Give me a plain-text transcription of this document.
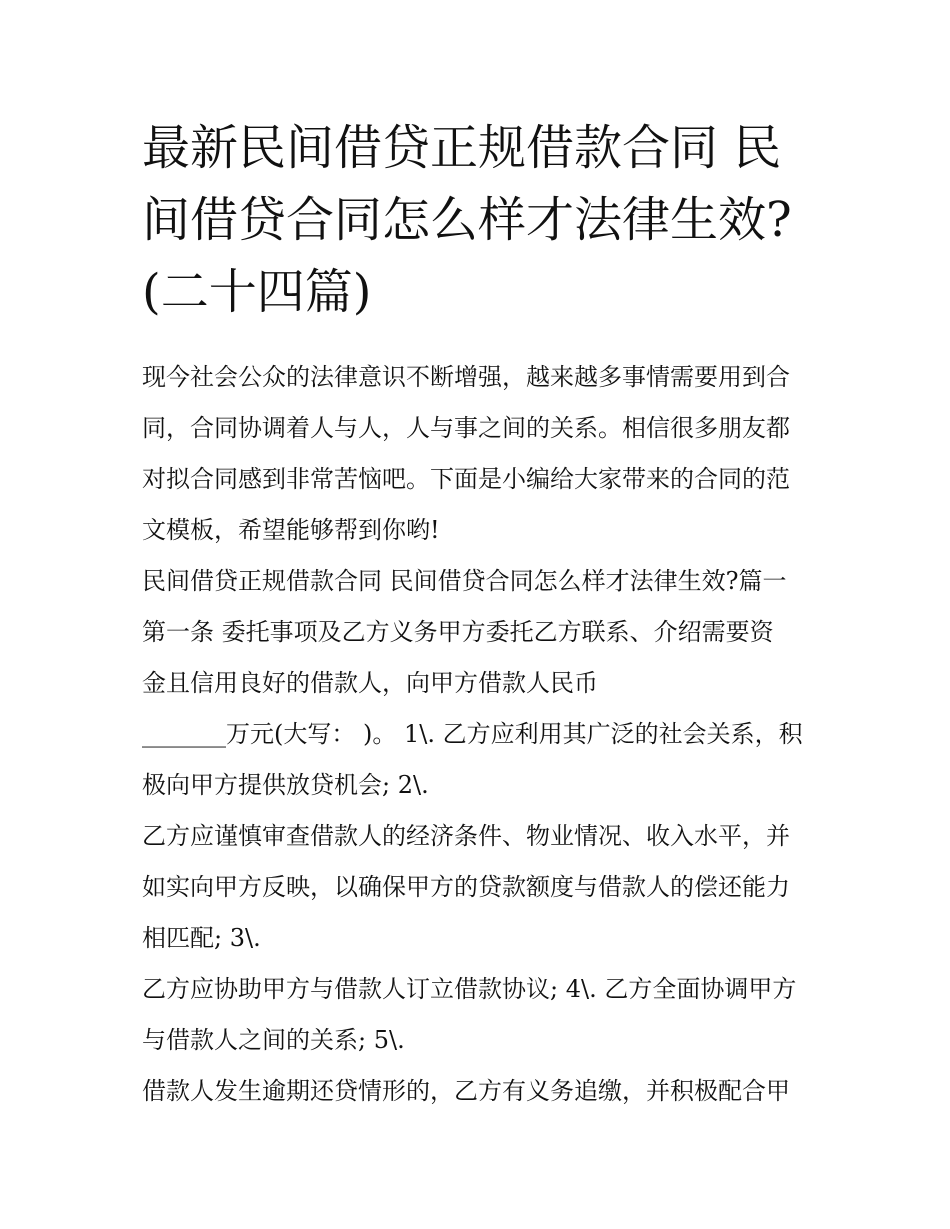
最新民间借贷正规借款合同 民
间借贷合同怎么样才法律生效?
(二十四篇)

现今社会公众的法律意识不断增强，越来越多事情需要用到合
同，合同协调着人与人，人与事之间的关系。相信很多朋友都
对拟合同感到非常苦恼吧。下面是小编给大家带来的合同的范
文模板，希望能够帮到你哟!

民间借贷正规借款合同 民间借贷合同怎么样才法律生效?篇一
第一条 委托事项及乙方义务甲方委托乙方联系、介绍需要资
金且信用良好的借款人，向甲方借款人民币
_______万元(大写： )。 1\. 乙方应利用其广泛的社会关系，积
极向甲方提供放贷机会; 2\.

乙方应谨慎审查借款人的经济条件、物业情况、收入水平，并
如实向甲方反映，以确保甲方的贷款额度与借款人的偿还能力
相匹配; 3\.

乙方应协助甲方与借款人订立借款协议; 4\. 乙方全面协调甲方
与借款人之间的关系; 5\.

借款人发生逾期还贷情形的，乙方有义务追缴，并积极配合甲
